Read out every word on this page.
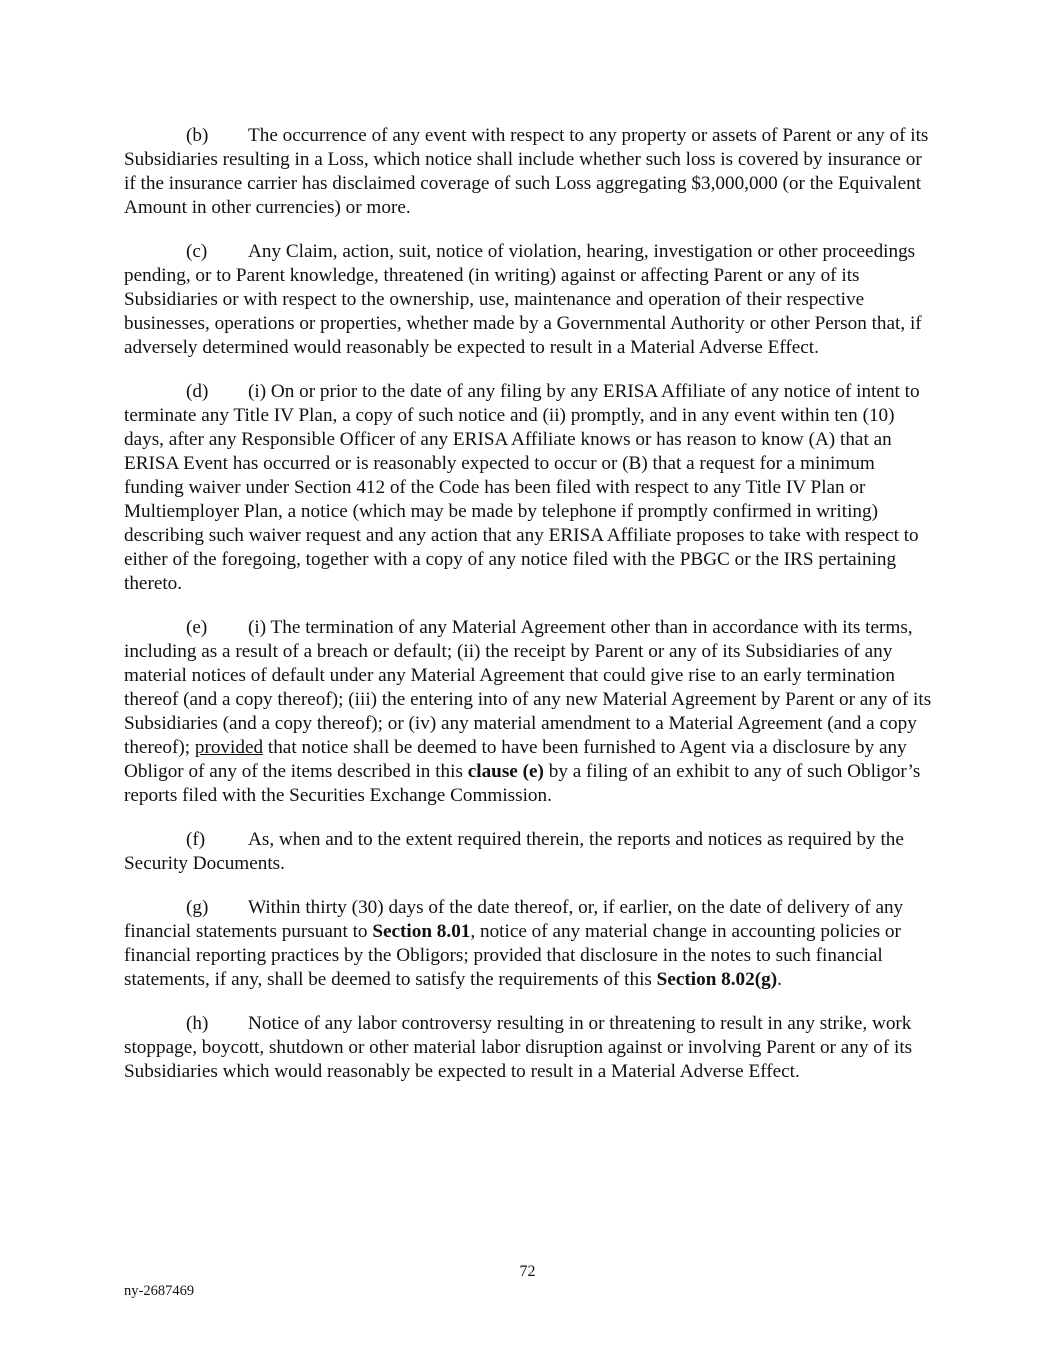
(b) The occurrence of any event with respect to any property or assets of Parent or any of its Subsidiaries resulting in a Loss, which notice shall include whether such loss is covered by insurance or if the insurance carrier has disclaimed coverage of such Loss aggregating $3,000,000 (or the Equivalent Amount in other currencies) or more.

(c) Any Claim, action, suit, notice of violation, hearing, investigation or other proceedings pending, or to Parent knowledge, threatened (in writing) against or affecting Parent or any of its Subsidiaries or with respect to the ownership, use, maintenance and operation of their respective businesses, operations or properties, whether made by a Governmental Authority or other Person that, if adversely determined would reasonably be expected to result in a Material Adverse Effect.

(d) (i) On or prior to the date of any filing by any ERISA Affiliate of any notice of intent to terminate any Title IV Plan, a copy of such notice and (ii) promptly, and in any event within ten (10) days, after any Responsible Officer of any ERISA Affiliate knows or has reason to know (A) that an ERISA Event has occurred or is reasonably expected to occur or (B) that a request for a minimum funding waiver under Section 412 of the Code has been filed with respect to any Title IV Plan or Multiemployer Plan, a notice (which may be made by telephone if promptly confirmed in writing) describing such waiver request and any action that any ERISA Affiliate proposes to take with respect to either of the foregoing, together with a copy of any notice filed with the PBGC or the IRS pertaining thereto.

(e) (i) The termination of any Material Agreement other than in accordance with its terms, including as a result of a breach or default; (ii) the receipt by Parent or any of its Subsidiaries of any material notices of default under any Material Agreement that could give rise to an early termination thereof (and a copy thereof); (iii) the entering into of any new Material Agreement by Parent or any of its Subsidiaries (and a copy thereof); or (iv) any material amendment to a Material Agreement (and a copy thereof); provided that notice shall be deemed to have been furnished to Agent via a disclosure by any Obligor of any of the items described in this clause (e) by a filing of an exhibit to any of such Obligor’s reports filed with the Securities Exchange Commission.

(f) As, when and to the extent required therein, the reports and notices as required by the Security Documents.

(g) Within thirty (30) days of the date thereof, or, if earlier, on the date of delivery of any financial statements pursuant to Section 8.01, notice of any material change in accounting policies or financial reporting practices by the Obligors; provided that disclosure in the notes to such financial statements, if any, shall be deemed to satisfy the requirements of this Section 8.02(g).

(h) Notice of any labor controversy resulting in or threatening to result in any strike, work stoppage, boycott, shutdown or other material labor disruption against or involving Parent or any of its Subsidiaries which would reasonably be expected to result in a Material Adverse Effect.

72
ny-2687469
